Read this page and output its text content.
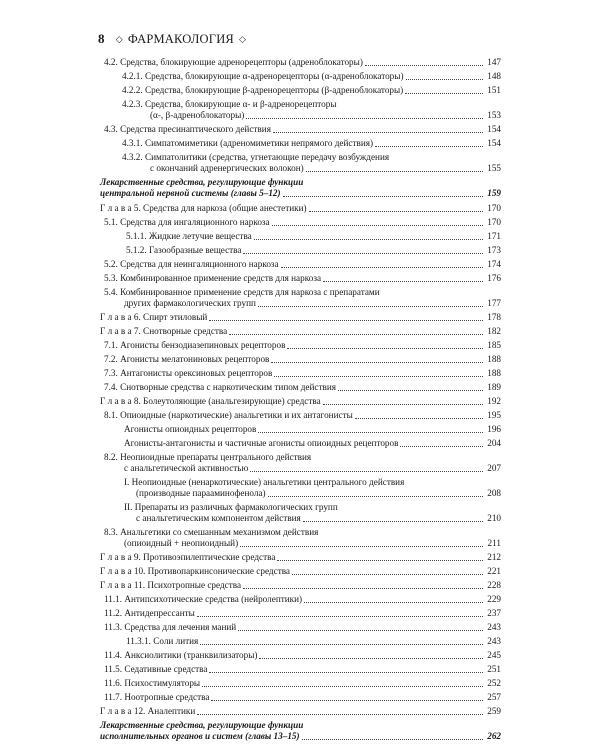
8 ◇ ФАРМАКОЛОГИЯ ◇
4.2. Средства, блокирующие адренорецепторы (адреноблокаторы)	147
4.2.1. Средства, блокирующие α-адренорецепторы (α-адреноблокаторы)	148
4.2.2. Средства, блокирующие β-адренорецепторы (β-адреноблокаторы)	151
4.2.3. Средства, блокирующие α- и β-адренорецепторы
(α-, β-адреноблокаторы)	153
4.3. Средства пресинаптического действия	154
4.3.1. Симпатомиметики (адреномиметики непрямого действия)	154
4.3.2. Симпатолитики (средства, угнетающие передачу возбуждения
с окончаний адренергических волокон)	155
Лекарственные средства, регулирующие функции
центральной нервной системы (главы 5–12)	159
Г л а в а 5. Средства для наркоза (общие анестетики)	170
5.1. Средства для ингаляционного наркоза	170
5.1.1. Жидкие летучие вещества	171
5.1.2. Газообразные вещества	173
5.2. Средства для неингаляционного наркоза	174
5.3. Комбинированное применение средств для наркоза	176
5.4. Комбинированное применение средств для наркоза с препаратами
других фармакологических групп	177
Г л а в а 6. Спирт этиловый	178
Г л а в а 7. Снотворные средства	182
7.1. Агонисты бензодиазепиновых рецепторов	185
7.2. Агонисты мелатониновых рецепторов	188
7.3. Антагонисты орексиновых рецепторов	188
7.4. Снотворные средства с наркотическим типом действия	189
Г л а в а 8. Болеутоляющие (анальгезирующие) средства	192
8.1. Опиоидные (наркотические) анальгетики и их антагонисты	195
Агонисты опиоидных рецепторов	196
Агонисты-антагонисты и частичные агонисты опиоидных рецепторов	204
8.2. Неопиоидные препараты центрального действия
с анальгетической активностью	207
I. Неопиоидные (ненаркотические) анальгетики центрального действия
(производные парааминофенола)	208
II. Препараты из различных фармакологических групп
с анальгетическим компонентом действия	210
8.3. Анальгетики со смешанным механизмом действия
(опиоидный + неопиоидный)	211
Г л а в а 9. Противоэпилептические средства	212
Г л а в а 10. Противопаркинсонические средства	221
Г л а в а 11. Психотропные средства	228
11.1. Антипсихотические средства (нейролептики)	229
11.2. Антидепрессанты	237
11.3. Средства для лечения маний	243
11.3.1. Соли лития	243
11.4. Анксиолитики (транквилизаторы)	245
11.5. Седативные средства	251
11.6. Психостимуляторы	252
11.7. Ноотропные средства	257
Г л а в а 12. Аналептики	259
Лекарственные средства, регулирующие функции
исполнительных органов и систем (главы 13–15)	262
